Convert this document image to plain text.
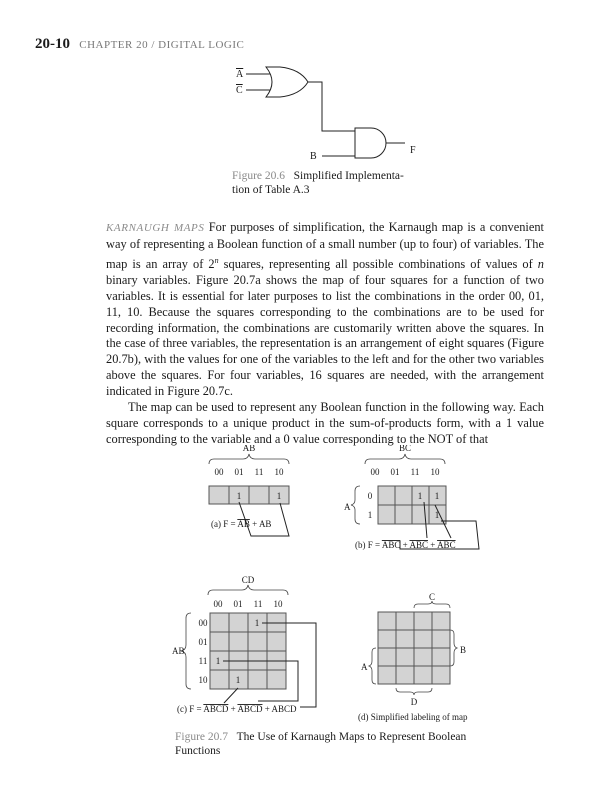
20-10 CHAPTER 20 / DIGITAL LOGIC
A
C
B
F
Figure 20.6 Simplified Implementa-
tion of Table A.3

KARNAUGH MAPS For purposes of simplification, the Karnaugh map is a convenient way of representing a Boolean function of a small number (up to four) of variables. The map is an array of 2$^n$ squares, representing all possible combinations of values of n binary variables. Figure 20.7a shows the map of four squares for a function of two variables. It is essential for later purposes to list the combinations in the order 00, 01, 11, 10. Because the squares corresponding to the combinations are to be used for recording information, the combinations are customarily written above the squares. In the case of three variables, the representation is an arrangement of eight squares (Figure 20.7b), with the values for one of the variables to the left and for the other two variables above the squares. For four variables, 16 squares are needed, with the arrangement indicated in Figure 20.7c.

The map can be used to represent any Boolean function in the following way. Each square corresponds to a unique product in the sum-of-products form, with a 1 value corresponding to the variable and a 0 value corresponding to the NOT of that

AB
00 01 11 10
1	1
(a) F = AB + AB
BC
00 01 11 10
A
0
1
1 1
1
(b) F = ABC + ABC + ABC
CD
00 01 11 10
AB
00
01
11
10
1
1
1
(c) F = ABCD + ABCD + ABCD
C
B
A
D
(d) Simplified labeling of map
Figure 20.7 The Use of Karnaugh Maps to Represent Boolean
Functions
